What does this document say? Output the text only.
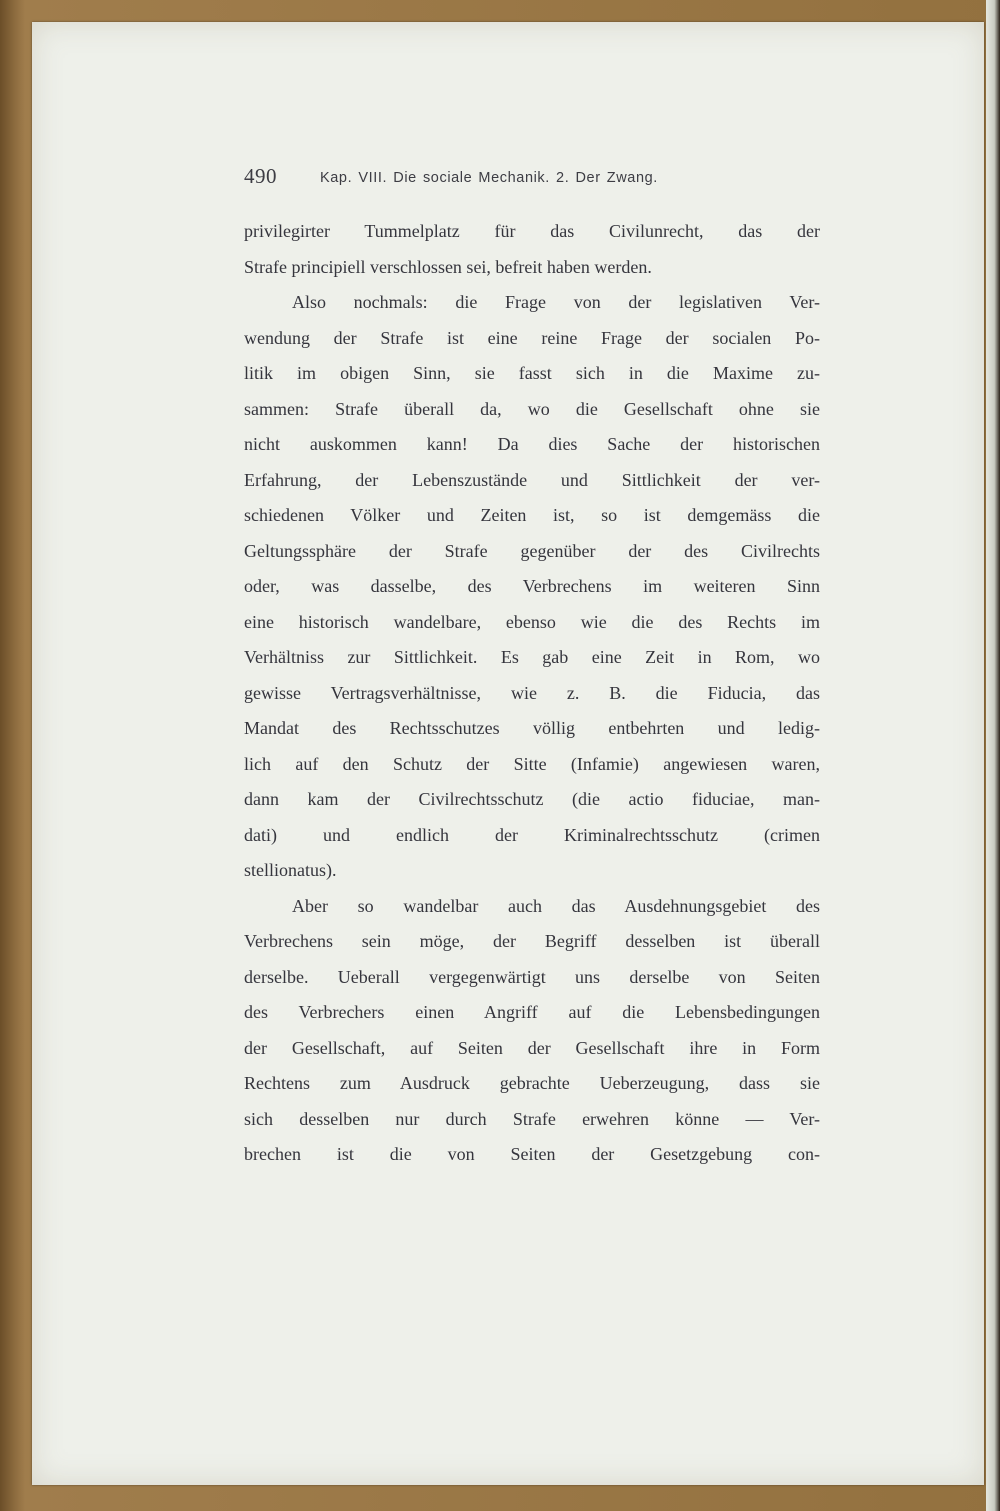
490	Kap. VIII. Die sociale Mechanik. 2. Der Zwang.
privilegirter Tummelplatz für das Civilunrecht, das der
Strafe principiell verschlossen sei, befreit haben werden.
Also nochmals: die Frage von der legislativen Ver-
wendung der Strafe ist eine reine Frage der socialen Po-
litik im obigen Sinn, sie fasst sich in die Maxime zu-
sammen: Strafe überall da, wo die Gesellschaft ohne sie
nicht auskommen kann! Da dies Sache der historischen
Erfahrung, der Lebenszustände und Sittlichkeit der ver-
schiedenen Völker und Zeiten ist, so ist demgemäss die
Geltungssphäre der Strafe gegenüber der des Civilrechts
oder, was dasselbe, des Verbrechens im weiteren Sinn
eine historisch wandelbare, ebenso wie die des Rechts im
Verhältniss zur Sittlichkeit. Es gab eine Zeit in Rom, wo
gewisse Vertragsverhältnisse, wie z. B. die Fiducia, das
Mandat des Rechtsschutzes völlig entbehrten und ledig-
lich auf den Schutz der Sitte (Infamie) angewiesen waren,
dann kam der Civilrechtsschutz (die actio fiduciae, man-
dati) und endlich der Kriminalrechtsschutz (crimen
stellionatus).
Aber so wandelbar auch das Ausdehnungsgebiet des
Verbrechens sein möge, der Begriff desselben ist überall
derselbe. Ueberall vergegenwärtigt uns derselbe von Seiten
des Verbrechers einen Angriff auf die Lebensbedingungen
der Gesellschaft, auf Seiten der Gesellschaft ihre in Form
Rechtens zum Ausdruck gebrachte Ueberzeugung, dass sie
sich desselben nur durch Strafe erwehren könne — Ver-
brechen ist die von Seiten der Gesetzgebung con-
